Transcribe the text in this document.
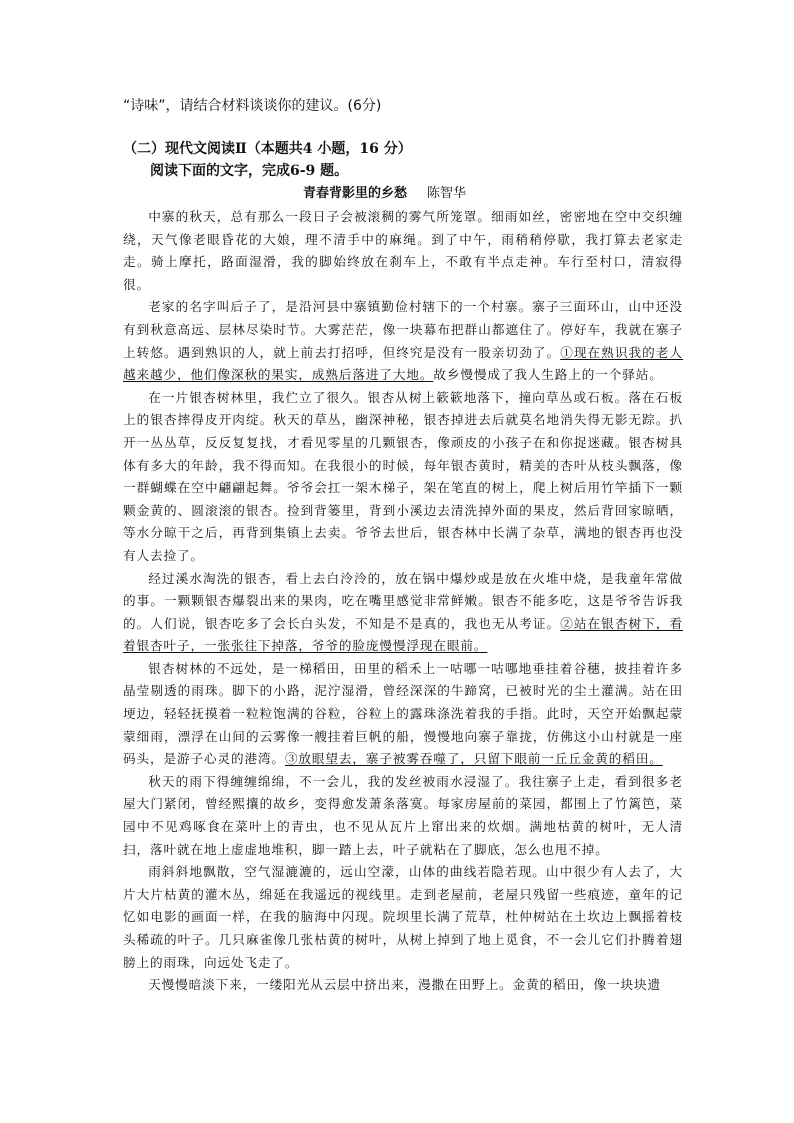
“诗味”，请结合材料谈谈你的建议。(6分)
（二）现代文阅读Ⅱ（本题共4 小题，16 分）
阅读下面的文字，完成6-9 题。
青春背影里的乡愁 陈智华

中寨的秋天，总有那么一段日子会被滚稠的雾气所笼罩。细雨如丝，密密地在空中交织缠绕，天气像老眼昏花的大娘，理不清手中的麻绳。到了中午，雨稍稍停歇，我打算去老家走走。骑上摩托，路面湿滑，我的脚始终放在刹车上，不敢有半点走神。车行至村口，清寂得很。

老家的名字叫后子了，是沿河县中寨镇勤俭村辖下的一个村寨。寨子三面环山，山中还没有到秋意高远、层林尽染时节。大雾茫茫，像一块幕布把群山都遮住了。停好车，我就在寨子上转悠。遇到熟识的人，就上前去打招呼，但终究是没有一股亲切劲了。①现在熟识我的老人越来越少，他们像深秋的果实，成熟后落进了大地。故乡慢慢成了我人生路上的一个驿站。

在一片银杏树林里，我伫立了很久。银杏从树上簌簌地落下，撞向草丛或石板。落在石板上的银杏摔得皮开肉绽。秋天的草丛，幽深神秘，银杏掉进去后就莫名地消失得无影无踪。扒开一丛丛草，反反复复找，才看见零星的几颗银杏，像顽皮的小孩子在和你捉迷藏。银杏树具体有多大的年龄，我不得而知。在我很小的时候，每年银杏黄时，精美的杏叶从枝头飘落，像一群蝴蝶在空中翩翩起舞。爷爷会扛一架木梯子，架在笔直的树上，爬上树后用竹竿插下一颗颗金黄的、圆滚滚的银杏。捡到背篓里，背到小溪边去清洗掉外面的果皮，然后背回家晾晒，等水分晾干之后，再背到集镇上去卖。爷爷去世后，银杏林中长满了杂草，满地的银杏再也没有人去捡了。

经过溪水淘洗的银杏，看上去白泠泠的，放在锅中爆炒或是放在火堆中烧，是我童年常做的事。一颗颗银杏爆裂出来的果肉，吃在嘴里感觉非常鲜嫩。银杏不能多吃，这是爷爷告诉我的。人们说，银杏吃多了会长白头发，不知是不是真的，我也无从考证。②站在银杏树下，看着银杏叶子，一张张往下掉落，爷爷的脸庞慢慢浮现在眼前。

银杏树林的不远处，是一梯稻田，田里的稻禾上一咕哪一咕哪地垂挂着谷穗，披挂着许多晶莹剔透的雨珠。脚下的小路，泥泞湿滑，曾经深深的牛蹄窝，已被时光的尘土灌满。站在田埂边，轻轻抚摸着一粒粒饱满的谷粒，谷粒上的露珠涤洗着我的手指。此时，天空开始飘起蒙蒙细雨，漂浮在山间的云雾像一艘挂着巨帆的船，慢慢地向寨子靠拢，仿佛这小山村就是一座码头，是游子心灵的港湾。③放眼望去，寨子被雾吞噬了，只留下眼前一丘丘金黄的稻田。

秋天的雨下得缠缠绵绵，不一会儿，我的发丝被雨水浸湿了。我往寨子上走，看到很多老屋大门紧闭，曾经熙攘的故乡，变得愈发萧条落寞。每家房屋前的菜园，都围上了竹篱笆，菜园中不见鸡啄食在菜叶上的青虫，也不见从瓦片上窜出来的炊烟。满地枯黄的树叶，无人清扫，落叶就在地上虚虚地堆积，脚一踏上去，叶子就粘在了脚底，怎么也甩不掉。

雨斜斜地飘散，空气湿漉漉的，远山空濛，山体的曲线若隐若现。山中很少有人去了，大片大片枯黄的灌木丛，绵延在我遥远的视线里。走到老屋前，老屋只残留一些痕迹，童年的记忆如电影的画面一样，在我的脑海中闪现。院坝里长满了荒草，杜仲树站在土坎边上飘摇着枝头稀疏的叶子。几只麻雀像几张枯黄的树叶，从树上掉到了地上觅食，不一会儿它们扑腾着翅膀上的雨珠，向远处飞走了。

天慢慢暗淡下来，一缕阳光从云层中挤出来，漫撒在田野上。金黄的稻田，像一块块遗
